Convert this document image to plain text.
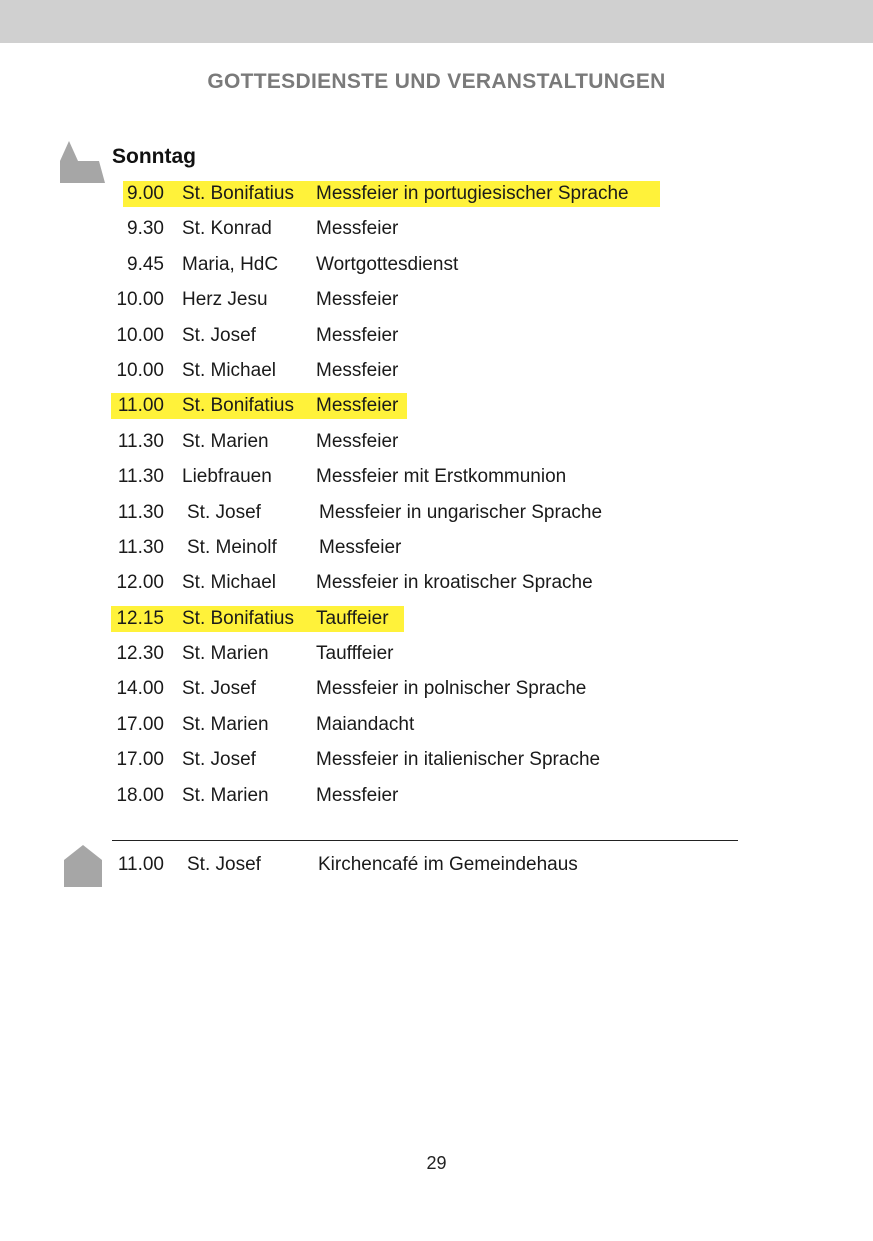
GOTTESDIENSTE UND VERANSTALTUNGEN
Sonntag
9.00 St. Bonifatius Messfeier in portugiesischer Sprache
9.30 St. Konrad Messfeier
9.45 Maria, HdC Wortgottesdienst
10.00 Herz Jesu	Messfeier
10.00 St. Josef	Messfeier
10.00 St. Michael Messfeier
11.00 St. Bonifatius Messfeier
11.30 St. Marien Messfeier
11.30 Liebfrauen Messfeier mit Erstkommunion
11.30 St. Josef	Messfeier in ungarischer Sprache
11.30 St. Meinolf Messfeier
12.00 St. Michael Messfeier in kroatischer Sprache
12.15 St. Bonifatius Tauffeier
12.30 St. Marien Taufffeier
14.00 St. Josef	Messfeier in polnischer Sprache
17.00 St. Marien Maiandacht
17.00 St. Josef	Messfeier in italienischer Sprache
18.00 St. Marien Messfeier
11.00 St. Josef	Kirchencafé im Gemeindehaus
29
